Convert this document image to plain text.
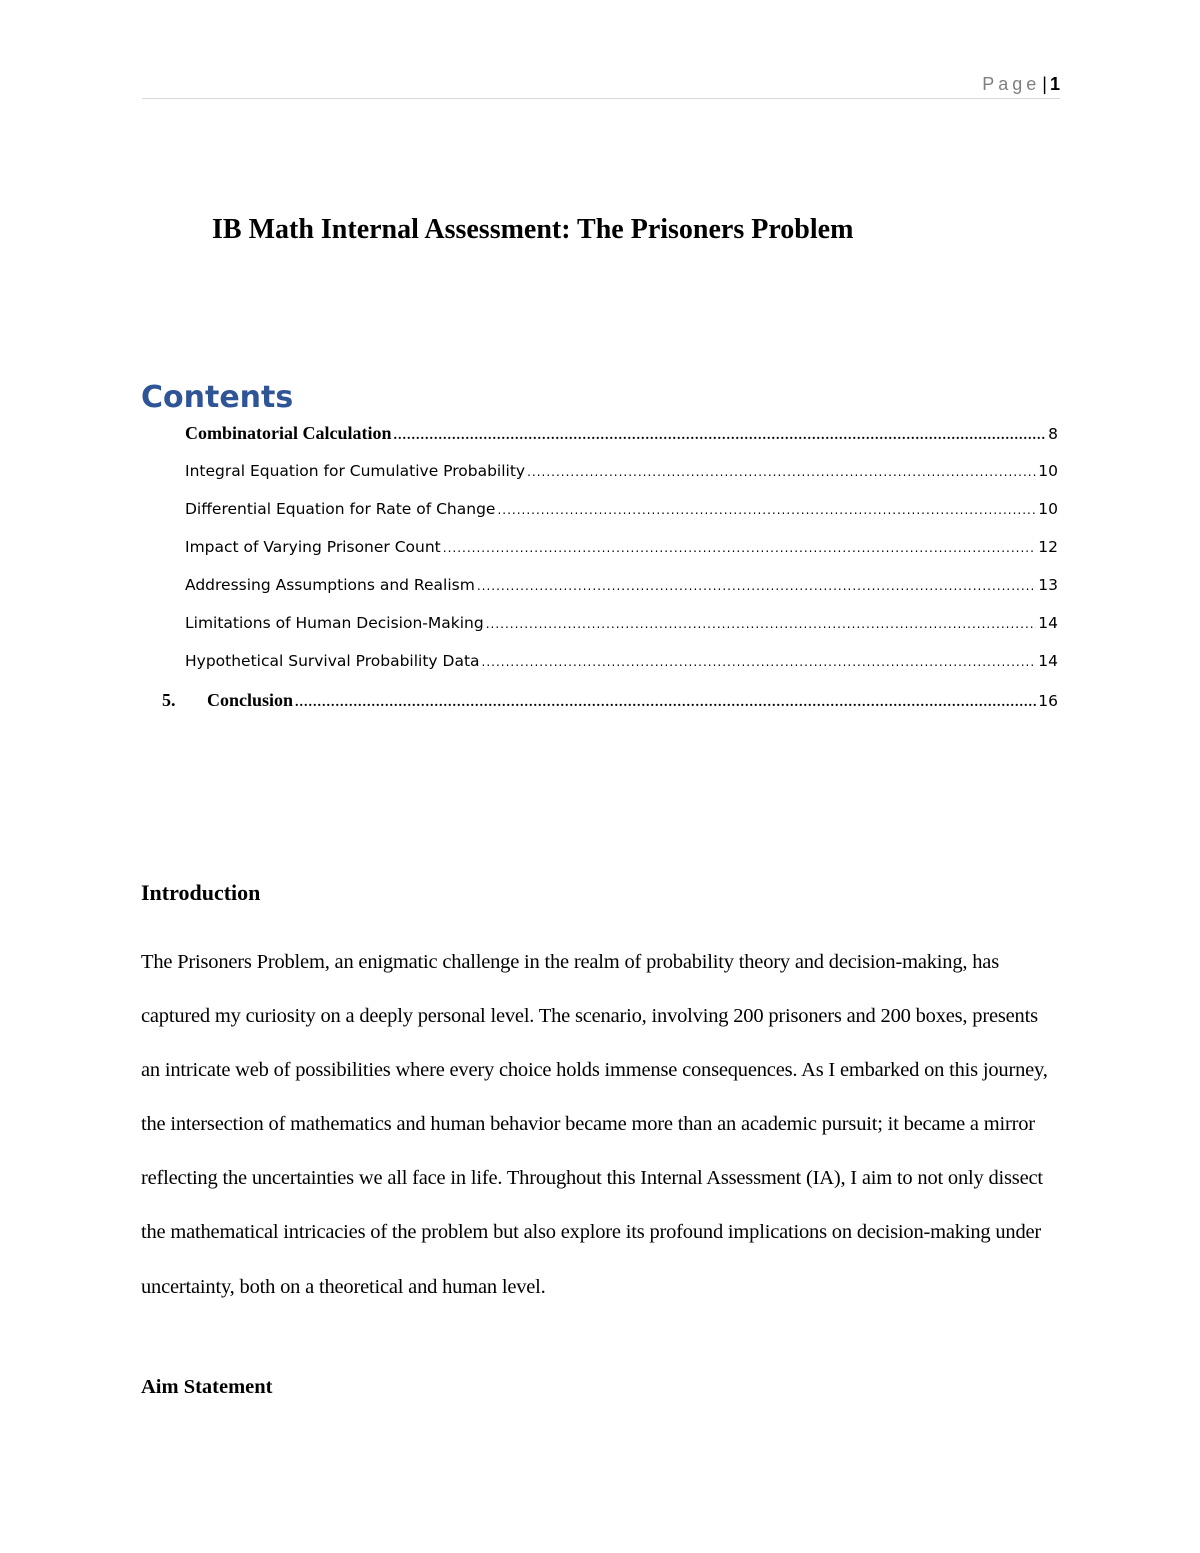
Page | 1
IB Math Internal Assessment: The Prisoners Problem
Contents
Combinatorial Calculation .....	8
Integral Equation for Cumulative Probability .....	10
Differential Equation for Rate of Change .....	10
Impact of Varying Prisoner Count .....	12
Addressing Assumptions and Realism .....	13
Limitations of Human Decision-Making .....	14
Hypothetical Survival Probability Data .....	14
5. Conclusion .....	16
Introduction

The Prisoners Problem, an enigmatic challenge in the realm of probability theory and decision-making, has captured my curiosity on a deeply personal level. The scenario, involving 200 prisoners and 200 boxes, presents an intricate web of possibilities where every choice holds immense consequences. As I embarked on this journey, the intersection of mathematics and human behavior became more than an academic pursuit; it became a mirror reflecting the uncertainties we all face in life. Throughout this Internal Assessment (IA), I aim to not only dissect the mathematical intricacies of the problem but also explore its profound implications on decision-making under uncertainty, both on a theoretical and human level.

Aim Statement
